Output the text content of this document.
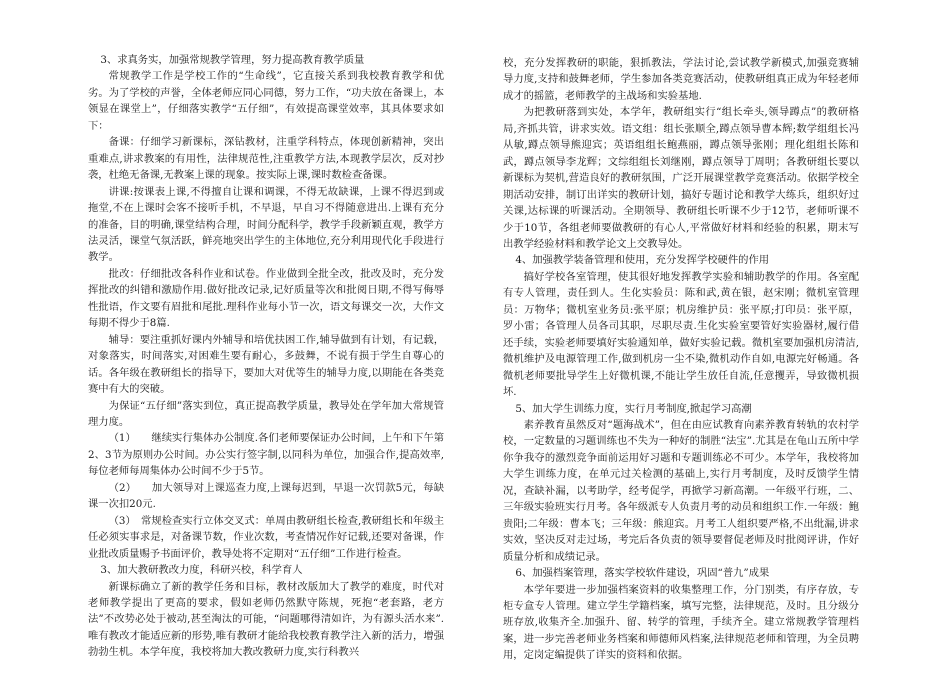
3、求真务实，加强常规教学管理，努力提高教育教学质量

常规教学工作是学校工作的“生命线”，它直接关系到我校教育教学和优劣。为了学校的声誉，全体老师应同心同德，努力工作，“功夫放在备课上，本领显在课堂上”，仔细落实教学“五仔细”，有效提高课堂效率，其具体要求如下：

备课：仔细学习新课标，深钻教材，注重学科特点，体现创新精神，突出重难点,讲求教案的有用性，法律规范性,注重教学方法,本现教学层次，反对抄袭，杜绝无备课,无教案上课的现象。按实际上课,课时数检查备课。

讲课:按课表上课,不得擅自让课和调课，不得无故缺课，上课不得迟到或拖堂,不在上课时会客不接听手机，不早退，早自习不得随意进出.上课有充分的准备，目的明确,课堂结构合理，时间分配科学，教学手段新颖直观，教学方法灵活，课堂气氛活跃，鲜亮地突出学生的主体地位,充分利用现代化手段进行教学。

批改：仔细批改各科作业和试卷。作业做到全批全改，批改及时，充分发挥批改的纠错和激励作用.做好批改记录,记好质量等次和批阅日期,不得写侮辱性批语，作文要有眉批和尾批.理科作业每小节一次，语文每课交一次，大作文每期不得少于8篇.

辅导：要注重抓好课内外辅导和培优扶困工作,辅导做到有计划，有记载，对象落实，时间落实,对困难生要有耐心，多鼓舞，不说有损于学生自尊心的话。各年级在教研组长的指导下，要加大对优等生的辅导力度,以期能在各类竞赛中有大的突破。

为保证“五仔细”落实到位，真正提高教学质量，教导处在学年加大常规管理力度。

（1）　　继续实行集体办公制度.各们老师要保证办公时间，上午和下午第2、3节为原则办公时间。办公实行签字制,以同科为单位，加强合作,提高效率,每位老师每周集体办公时间不少于5节。

（2）　　加大领导对上课巡查力度,上课每迟到，早退一次罚款5元，每缺课一次扣20元.

（3）　常规检查实行立体交叉式：单周由教研组长检查,教研组长和年级主任必须实事求是，对备课节数，作业次数，考查情况作好记载,还要对备课，作业批改质量赐予书面评价，教导处将不定期对“五仔细”工作进行检查。

3、加大教研教改力度，科研兴校，科学育人

新课标确立了新的教学任务和目标，教材改版加大了教学的难度，时代对老师教学提出了更高的要求，假如老师仍然默守陈规，死抱“老套路，老方法”不改势必处于被动,甚至淘汰的可能，“问题哪得清如许，为有源头活水来”.唯有教改才能适应新的形势,唯有教研才能给我校教育教学注入新的活力，增强勃勃生机。本学年度，我校将加大教改教研力度,实行科教兴

校，充分发挥教研的职能，狠抓教法，学法讨论,尝试教学新模式,加强竞赛辅导力度,支持和鼓舞老师，学生参加各类竞赛活动，使教研组真正成为年轻老师成才的摇篮，老师教学的主战场和实验基地.

为把教研落到实处，本学年，教研组实行“组长牵头,领导蹲点”的教研格局,齐抓共管，讲求实效。语文组：组长张顺全,蹲点领导曹本辉;数学组组长冯从敏,蹲点领导熊迎宾；英语组组长鲍燕丽，蹲点领导张刚；理化组组长陈和武，蹲点领导李龙辉；文综组组长刘继刚，蹲点领导丁周明；各教研组长要以新课标为契机,营造良好的教研氛围，广泛开展课堂教学竞赛活动。依据学校全期活动安排，制订出详实的教研计划，搞好专题讨论和教学大练兵，组织好过关课,达标课的听课活动。全期领导、教研组长听课不少于12节，老师听课不少于10节，各组老师要做教研的有心人,平常做好材料和经验的积累，期末写出教学经验材料和教学论文上交教导处。

4、加强教学装备管理和使用，充分发挥学校硬件的作用

搞好学校各室管理，使其很好地发挥教学实验和辅助教学的作用。各室配有专人管理，责任到人。生化实验员：陈和武,黄在银，赵宋刚；微机室管理员：万物华；微机室业务员:张平原；机房维护员：张平原;打印员：张平原，罗小雷；各管理人员各司其职，尽职尽责.生化实验室要管好实验器材,履行借还手续，实验老师要填好实验通知单，做好实验记载。微机室要加强机房清洁,微机维护及电源管理工作,做到机房一尘不染,微机动作自如,电源完好畅通。各微机老师要批导学生上好微机课,不能让学生放任自流,任意攫弄，导致微机损坏.

5、加大学生训练力度，实行月考制度,掀起学习高潮

素养教育虽然反对“题海战术”，但在由应试教育向素养教育转轨的农村学校，一定数量的习题训练也不失为一种好的制胜“法宝”.尤其是在龟山五所中学你争我夺的激烈竞争面前运用好习题和专题训练必不可少。本学年，我校将加大学生训练力度，在单元过关检测的基础上,实行月考制度，及时反馈学生情况，查缺补漏，以考助学，经考促学，再掀学习新高潮。一年级平行班，二、三年级实验班实行月考。各年级派专人负责月考的动员和组织工作.一年级：鲍贵阳;二年级：曹本飞；三年级：熊迎宾。月考工人组织要严格,不出纰漏,讲求实效，坚决反对走过场，考完后各负责的领导要督促老师及时批阅评讲，作好质量分析和成绩记录。

6、加强档案管理，落实学校软件建设，巩固“普九”成果

本学年要进一步加强档案资料的收集整理工作，分门别类，有序存放，专柜专盒专人管理。建立学生学籍档案，填写完整，法律规范，及时。且分级分班存放,收集齐全.加强升、留、转学的管理，手续齐全。建立常规教学管理档案，进一步完善老师业务档案和师德师风档案,法律规范老师和管理，为全员聘用，定岗定编提供了详实的资料和依据。
